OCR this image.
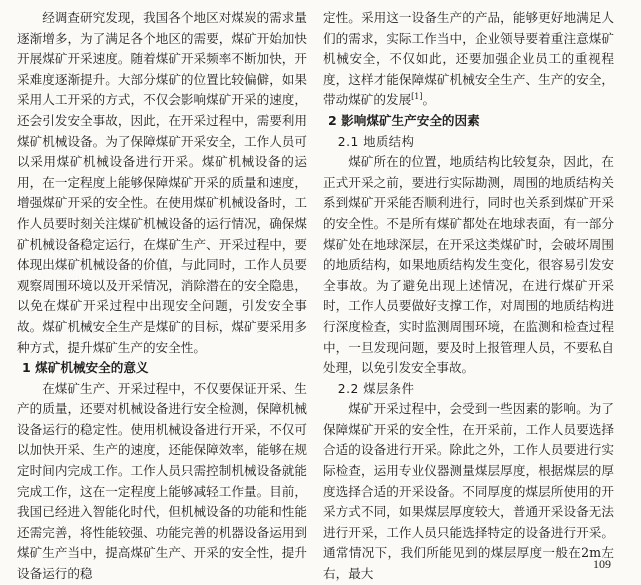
经调查研究发现，我国各个地区对煤炭的需求量逐渐增多，为了满足各个地区的需要，煤矿开始加快开展煤矿开采速度。随着煤矿开采频率不断加快，开采难度逐渐提升。大部分煤矿的位置比较偏僻，如果采用人工开采的方式，不仅会影响煤矿开采的速度，还会引发安全事故，因此，在开采过程中，需要利用煤矿机械设备。为了保障煤矿开采安全，工作人员可以采用煤矿机械设备进行开采。煤矿机械设备的运用，在一定程度上能够保障煤矿开采的质量和速度，增强煤矿开采的安全性。在使用煤矿机械设备时，工作人员要时刻关注煤矿机械设备的运行情况，确保煤矿机械设备稳定运行，在煤矿生产、开采过程中，要体现出煤矿机械设备的价值，与此同时，工作人员要观察周围环境以及开采情况，消除潜在的安全隐患，以免在煤矿开采过程中出现安全问题，引发安全事故。煤矿机械安全生产是煤矿的目标，煤矿要采用多种方式，提升煤矿生产的安全性。

1 煤矿机械安全的意义

在煤矿生产、开采过程中，不仅要保证开采、生产的质量，还要对机械设备进行安全检测，保障机械设备运行的稳定性。使用机械设备进行开采，不仅可以加快开采、生产的速度，还能保障效率，能够在规定时间内完成工作。工作人员只需控制机械设备就能完成工作，这在一定程度上能够减轻工作量。目前，我国已经进入智能化时代，但机械设备的功能和性能还需完善，将性能较强、功能完善的机器设备运用到煤矿生产当中，提高煤矿生产、开采的安全性，提升设备运行的稳

定性。采用这一设备生产的产品，能够更好地满足人们的需求，实际工作当中，企业领导要着重注意煤矿机械安全，不仅如此，还要加强企业员工的重视程度，这样才能保障煤矿机械安全生产、生产的安全，带动煤矿的发展[1]。

2 影响煤矿生产安全的因素

2.1 地质结构

煤矿所在的位置，地质结构比较复杂，因此，在正式开采之前，要进行实际勘测，周围的地质结构关系到煤矿开采能否顺利进行，同时也关系到煤矿开采的安全性。不是所有煤矿都处在地球表面，有一部分煤矿处在地球深层，在开采这类煤矿时，会破坏周围的地质结构，如果地质结构发生变化，很容易引发安全事故。为了避免出现上述情况，在进行煤矿开采时，工作人员要做好支撑工作，对周围的地质结构进行深度检查，实时监测周围环境，在监测和检查过程中，一旦发现问题，要及时上报管理人员，不要私自处理，以免引发安全事故。

2.2 煤层条件

煤矿开采过程中，会受到一些因素的影响。为了保障煤矿开采的安全性，在开采前，工作人员要选择合适的设备进行开采。除此之外，工作人员要进行实际检查，运用专业仪器测量煤层厚度，根据煤层的厚度选择合适的开采设备。不同厚度的煤层所使用的开采方式不同，如果煤层厚度较大，普通开采设备无法进行开采，工作人员只能选择特定的设备进行开采。通常情况下，我们所能见到的煤层厚度一般在2m左右，最大

109
